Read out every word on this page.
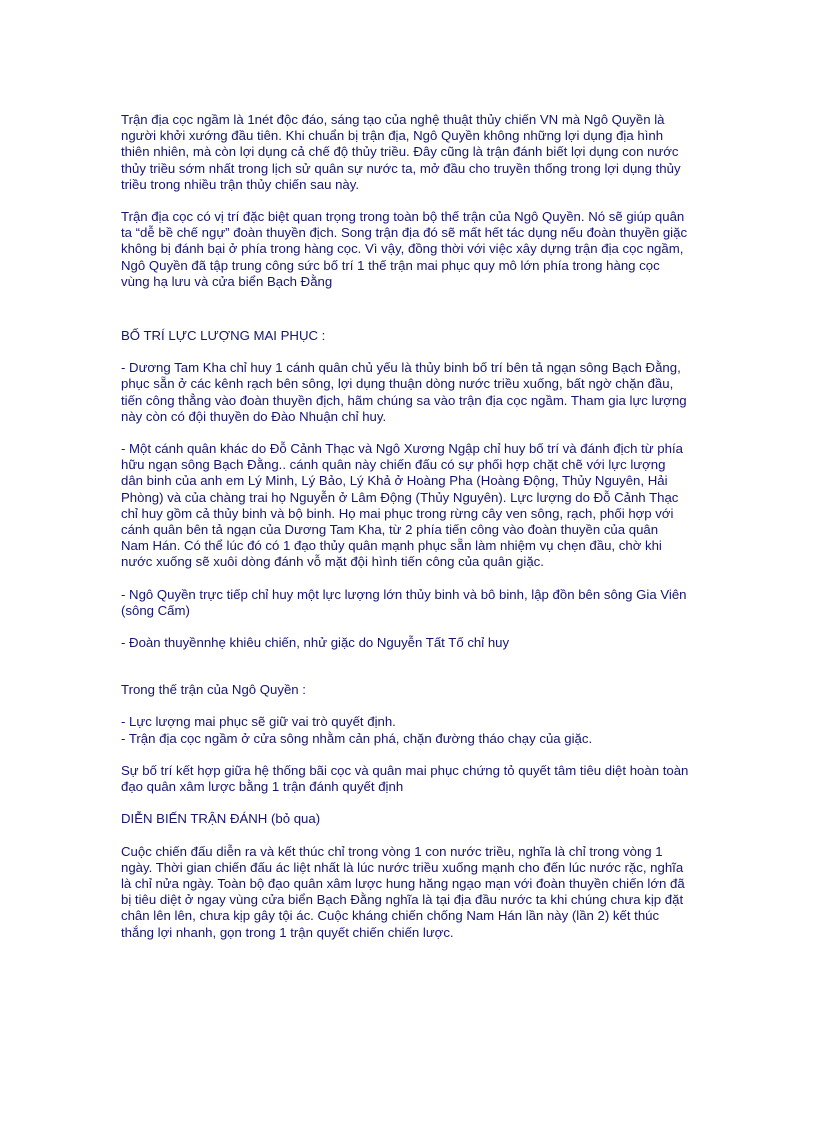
Trận địa cọc ngầm là 1nét độc đáo, sáng tạo của nghệ thuật thủy chiến VN mà Ngô Quyền là
người khởi xướng đầu tiên. Khi chuẩn bị trận địa, Ngô Quyền không những lợi dụng địa hình
thiên nhiên, mà còn lợi dụng cả chế độ thủy triều. Đây cũng là trận đánh biết lợi dụng con nước
thủy triều sớm nhất trong lịch sử quân sự nước ta, mở đầu cho truyền thống trong lợi dụng thủy
triều trong nhiều trận thủy chiến sau này.
Trận địa cọc có vị trí đặc biệt quan trọng trong toàn bộ thế trận của Ngô Quyền. Nó sẽ giúp quân
ta “dễ bề chế ngự” đoàn thuyền địch. Song trận địa đó sẽ mất hết tác dụng nếu đoàn thuyền giặc
không bị đánh bại ở phía trong hàng cọc. Vì vậy, đồng thời với việc xây dựng trận địa cọc ngầm,
Ngô Quyền đã tập trung công sức bố trí 1 thế trận mai phục quy mô lớn phía trong hàng cọc
vùng hạ lưu và cửa biển Bạch Đằng
BỐ TRÍ LỰC LƯỢNG MAI PHỤC :
- Dương Tam Kha chỉ huy 1 cánh quân chủ yếu là thủy binh bố trí bên tả ngạn sông Bạch Đằng,
phục sẵn ở các kênh rạch bên sông, lợi dụng thuận dòng nước triều xuống, bất ngờ chặn đầu,
tiến công thẳng vào đoàn thuyền địch, hãm chúng sa vào trận địa cọc ngầm. Tham gia lực lượng
này còn có đội thuyền do Đào Nhuận chỉ huy.
- Một cánh quân khác do Đỗ Cảnh Thạc và Ngô Xương Ngập chỉ huy bố trí và đánh địch từ phía
hữu ngạn sông Bạch Đằng.. cánh quân này chiến đấu có sự phối hợp chặt chẽ với lực lượng
dân binh của anh em Lý Minh, Lý Bảo, Lý Khả ở Hoàng Pha (Hoàng Động, Thủy Nguyên, Hải
Phòng) và của chàng trai họ Nguyễn ở Lâm Động (Thủy Nguyên). Lực lượng do Đỗ Cảnh Thạc
chỉ huy gồm cả thủy binh và bộ binh. Họ mai phục trong rừng cây ven sông, rạch, phối hợp với
cánh quân bên tả ngạn của Dương Tam Kha, từ 2 phía tiến công vào đoàn thuyền của quân
Nam Hán. Có thể lúc đó có 1 đạo thủy quân mạnh phục sẵn làm nhiệm vụ chẹn đầu, chờ khi
nước xuống sẽ xuôi dòng đánh vỗ mặt đội hình tiến công của quân giặc.
- Ngô Quyền trực tiếp chỉ huy một lực lượng lớn thủy binh và bô binh, lập đồn bên sông Gia Viên
(sông Cấm)
- Đoàn thuyềnnhẹ khiêu chiến, nhử giặc do Nguyễn Tất Tố chỉ huy
Trong thế trận của Ngô Quyền :
- Lực lượng mai phục sẽ giữ vai trò quyết định.
- Trận địa cọc ngầm ở cửa sông nhằm cản phá, chặn đường tháo chạy của giặc.
Sự bố trí kết hợp giữa hệ thống bãi cọc và quân mai phục chứng tỏ quyết tâm tiêu diệt hoàn toàn
đạo quân xâm lược bằng 1 trận đánh quyết định
DIỄN BIẾN TRẬN ĐÁNH (bỏ qua)
Cuộc chiến đấu diễn ra và kết thúc chỉ trong vòng 1 con nước triều, nghĩa là chỉ trong vòng 1
ngày. Thời gian chiến đấu ác liệt nhất là lúc nước triều xuống mạnh cho đến lúc nước rặc, nghĩa
là chỉ nửa ngày. Toàn bộ đạo quân xâm lược hung hăng ngạo mạn với đoàn thuyền chiến lớn đã
bị tiêu diệt ở ngay vùng cửa biển Bạch Đằng nghĩa là tại địa đầu nước ta khi chúng chưa kịp đặt
chân lên lên, chưa kịp gây tội ác. Cuộc kháng chiến chống Nam Hán lần này (lần 2) kết thúc
thắng lợi nhanh, gọn trong 1 trận quyết chiến chiến lược.
